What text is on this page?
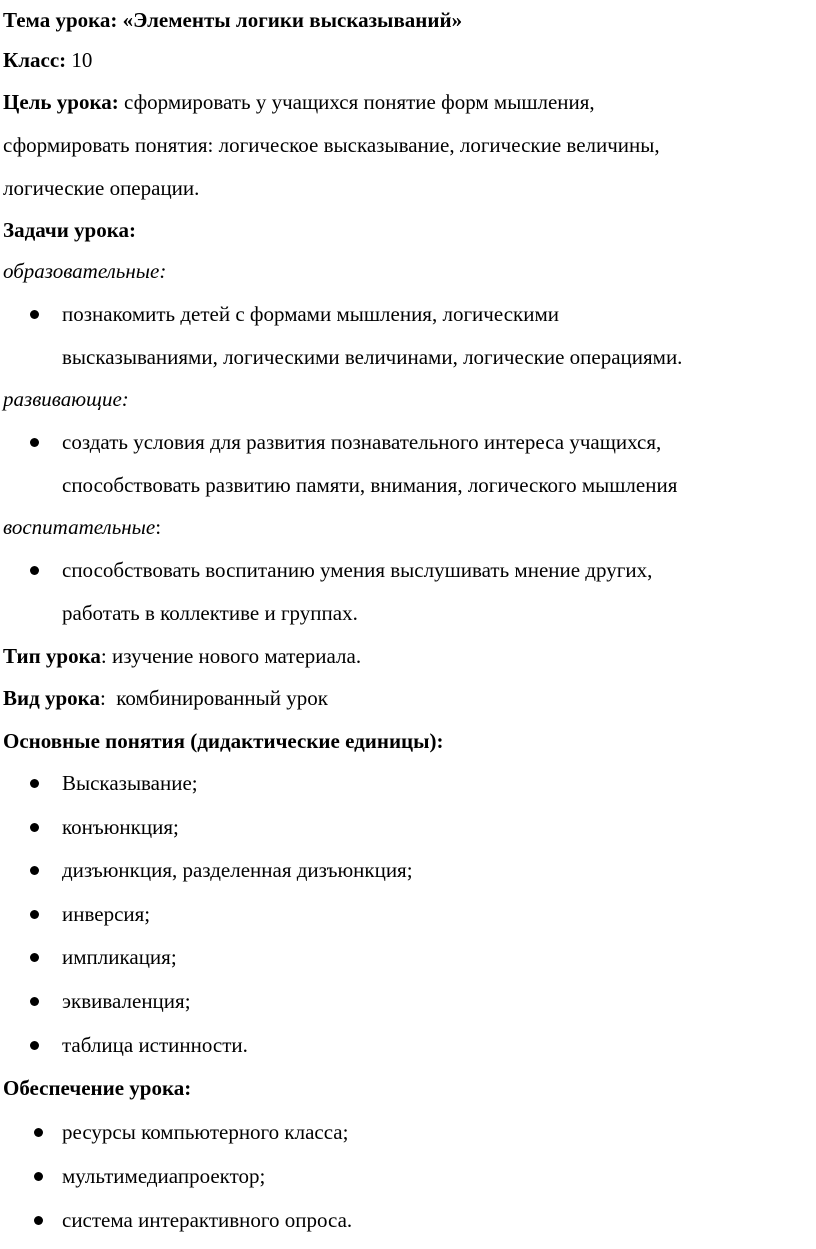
Тема урока: «Элементы логики высказываний»
Класс: 10
Цель урока: сформировать у учащихся понятие форм мышления,
сформировать понятия: логическое высказывание, логические величины,
логические операции.
Задачи урока:
образовательные:
познакомить детей с формами мышления, логическими
высказываниями, логическими величинами, логические операциями.
развивающие:
создать условия для развития познавательного интереса учащихся,
способствовать развитию памяти, внимания, логического мышления
воспитательные:
способствовать воспитанию умения выслушивать мнение других,
работать в коллективе и группах.
Тип урока: изучение нового материала.
Вид урока:  комбинированный урок
Основные понятия (дидактические единицы):
Высказывание;
конъюнкция;
дизъюнкция, разделенная дизъюнкция;
инверсия;
импликация;
эквиваленция;
таблица истинности.
Обеспечение урока:
ресурсы компьютерного класса;
мультимедиапроектор;
система интерактивного опроса.
